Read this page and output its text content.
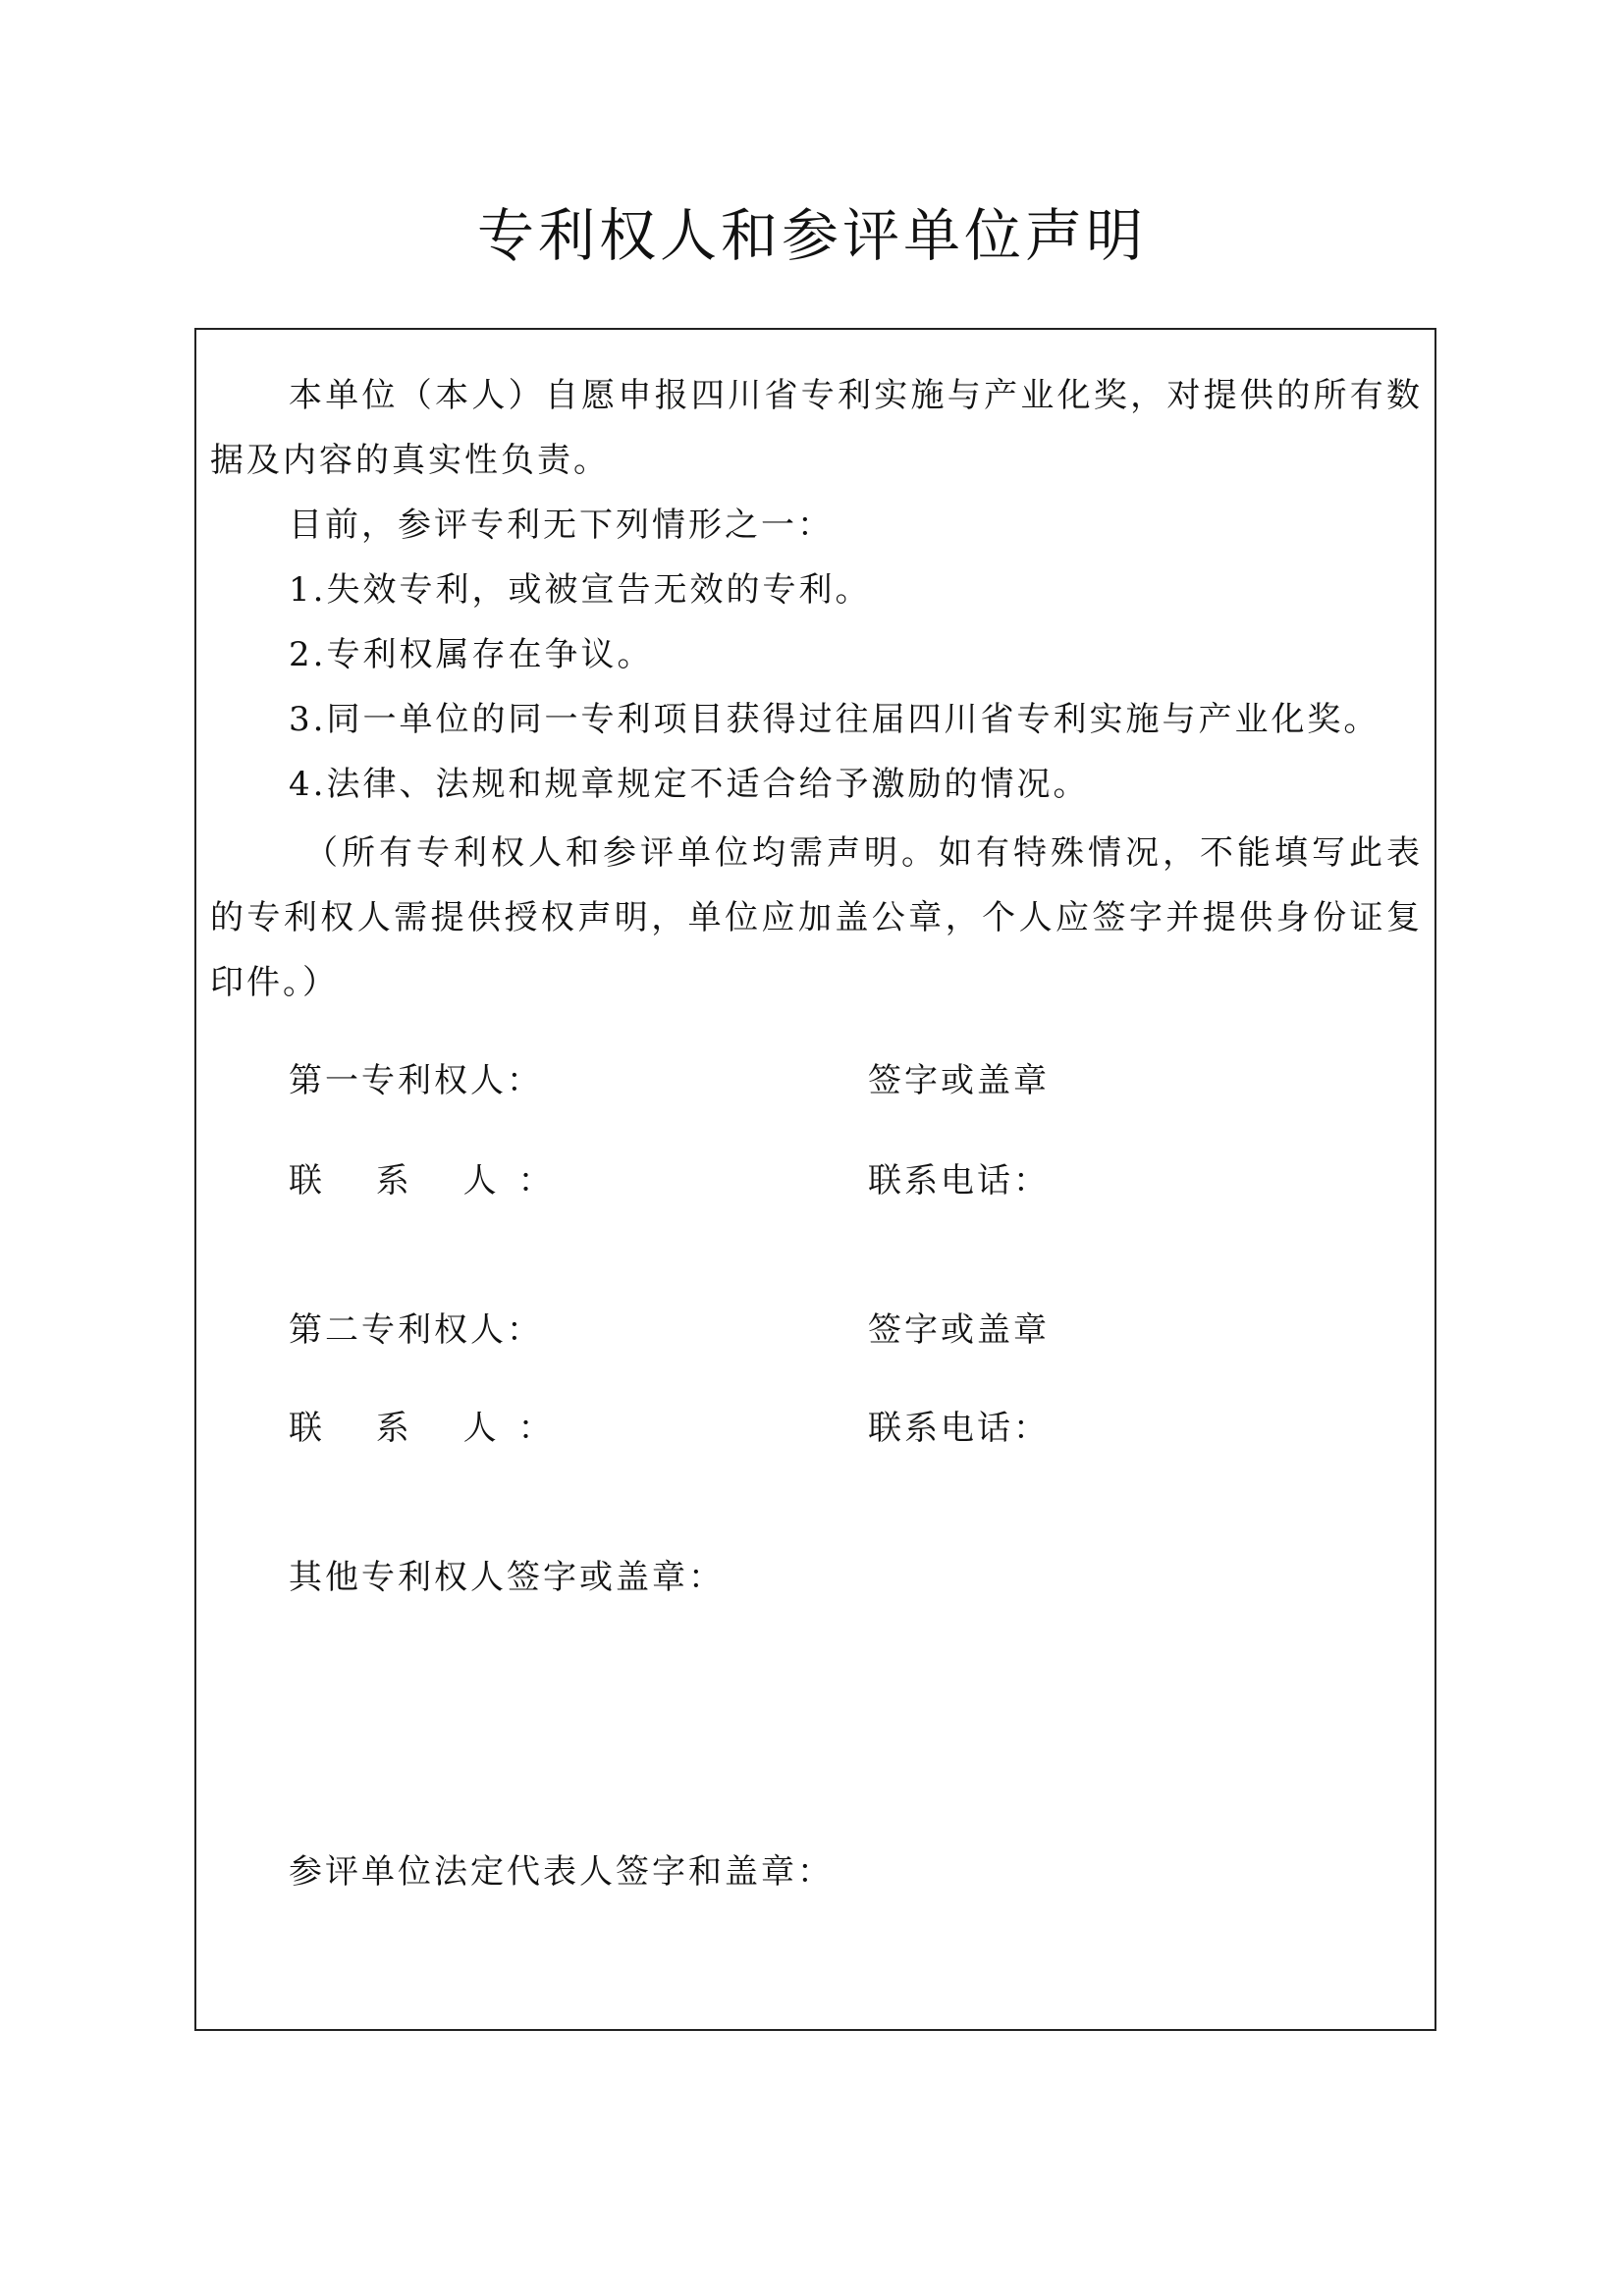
专利权人和参评单位声明

本单位（本人）自愿申报四川省专利实施与产业化奖，对提供的所有数据及内容的真实性负责。

目前，参评专利无下列情形之一：

1.失效专利，或被宣告无效的专利。

2.专利权属存在争议。

3.同一单位的同一专利项目获得过往届四川省专利实施与产业化奖。

4.法律、法规和规章规定不适合给予激励的情况。

（所有专利权人和参评单位均需声明。如有特殊情况，不能填写此表的专利权人需提供授权声明，单位应加盖公章，个人应签字并提供身份证复印件。）

第一专利权人：	签字或盖章

联 系 人：	联系电话：

第二专利权人：	签字或盖章

联 系 人：	联系电话：

其他专利权人签字或盖章：

参评单位法定代表人签字和盖章：
